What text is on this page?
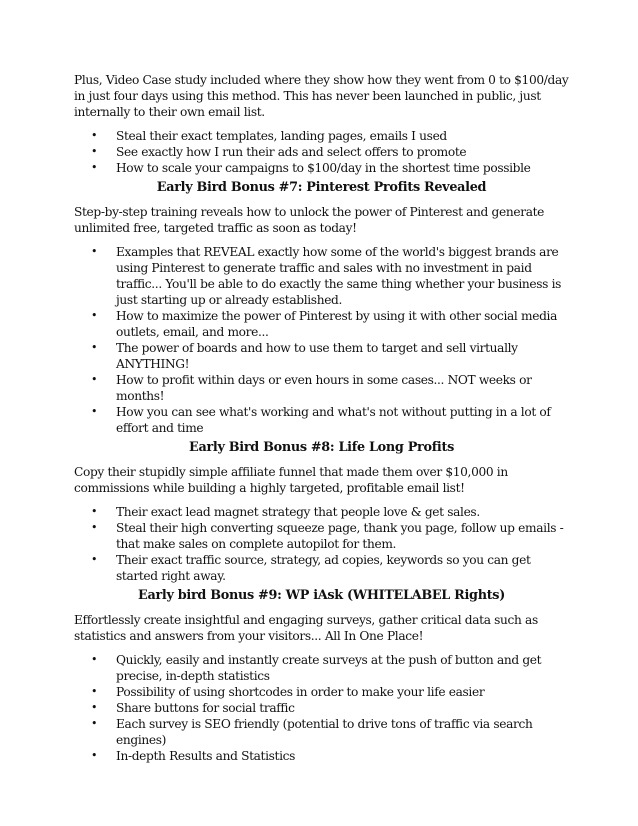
Plus, Video Case study included where they show how they went from 0 to $100/day in just four days using this method. This has never been launched in public, just internally to their own email list.

• Steal their exact templates, landing pages, emails I used
• See exactly how I run their ads and select offers to promote
• How to scale your campaigns to $100/day in the shortest time possible
Early Bird Bonus #7: Pinterest Profits Revealed

Step-by-step training reveals how to unlock the power of Pinterest and generate unlimited free, targeted traffic as soon as today!

• Examples that REVEAL exactly how some of the world's biggest brands are using Pinterest to generate traffic and sales with no investment in paid traffic... You'll be able to do exactly the same thing whether your business is just starting up or already established.
• How to maximize the power of Pinterest by using it with other social media outlets, email, and more...
• The power of boards and how to use them to target and sell virtually ANYTHING!
• How to profit within days or even hours in some cases... NOT weeks or months!
• How you can see what's working and what's not without putting in a lot of effort and time
Early Bird Bonus #8: Life Long Profits

Copy their stupidly simple affiliate funnel that made them over $10,000 in commissions while building a highly targeted, profitable email list!

• Their exact lead magnet strategy that people love & get sales.
• Steal their high converting squeeze page, thank you page, follow up emails - that make sales on complete autopilot for them.
• Their exact traffic source, strategy, ad copies, keywords so you can get started right away.
Early bird Bonus #9: WP iAsk (WHITELABEL Rights)

Effortlessly create insightful and engaging surveys, gather critical data such as statistics and answers from your visitors... All In One Place!

• Quickly, easily and instantly create surveys at the push of button and get precise, in-depth statistics
• Possibility of using shortcodes in order to make your life easier
• Share buttons for social traffic
• Each survey is SEO friendly (potential to drive tons of traffic via search engines)
• In-depth Results and Statistics
